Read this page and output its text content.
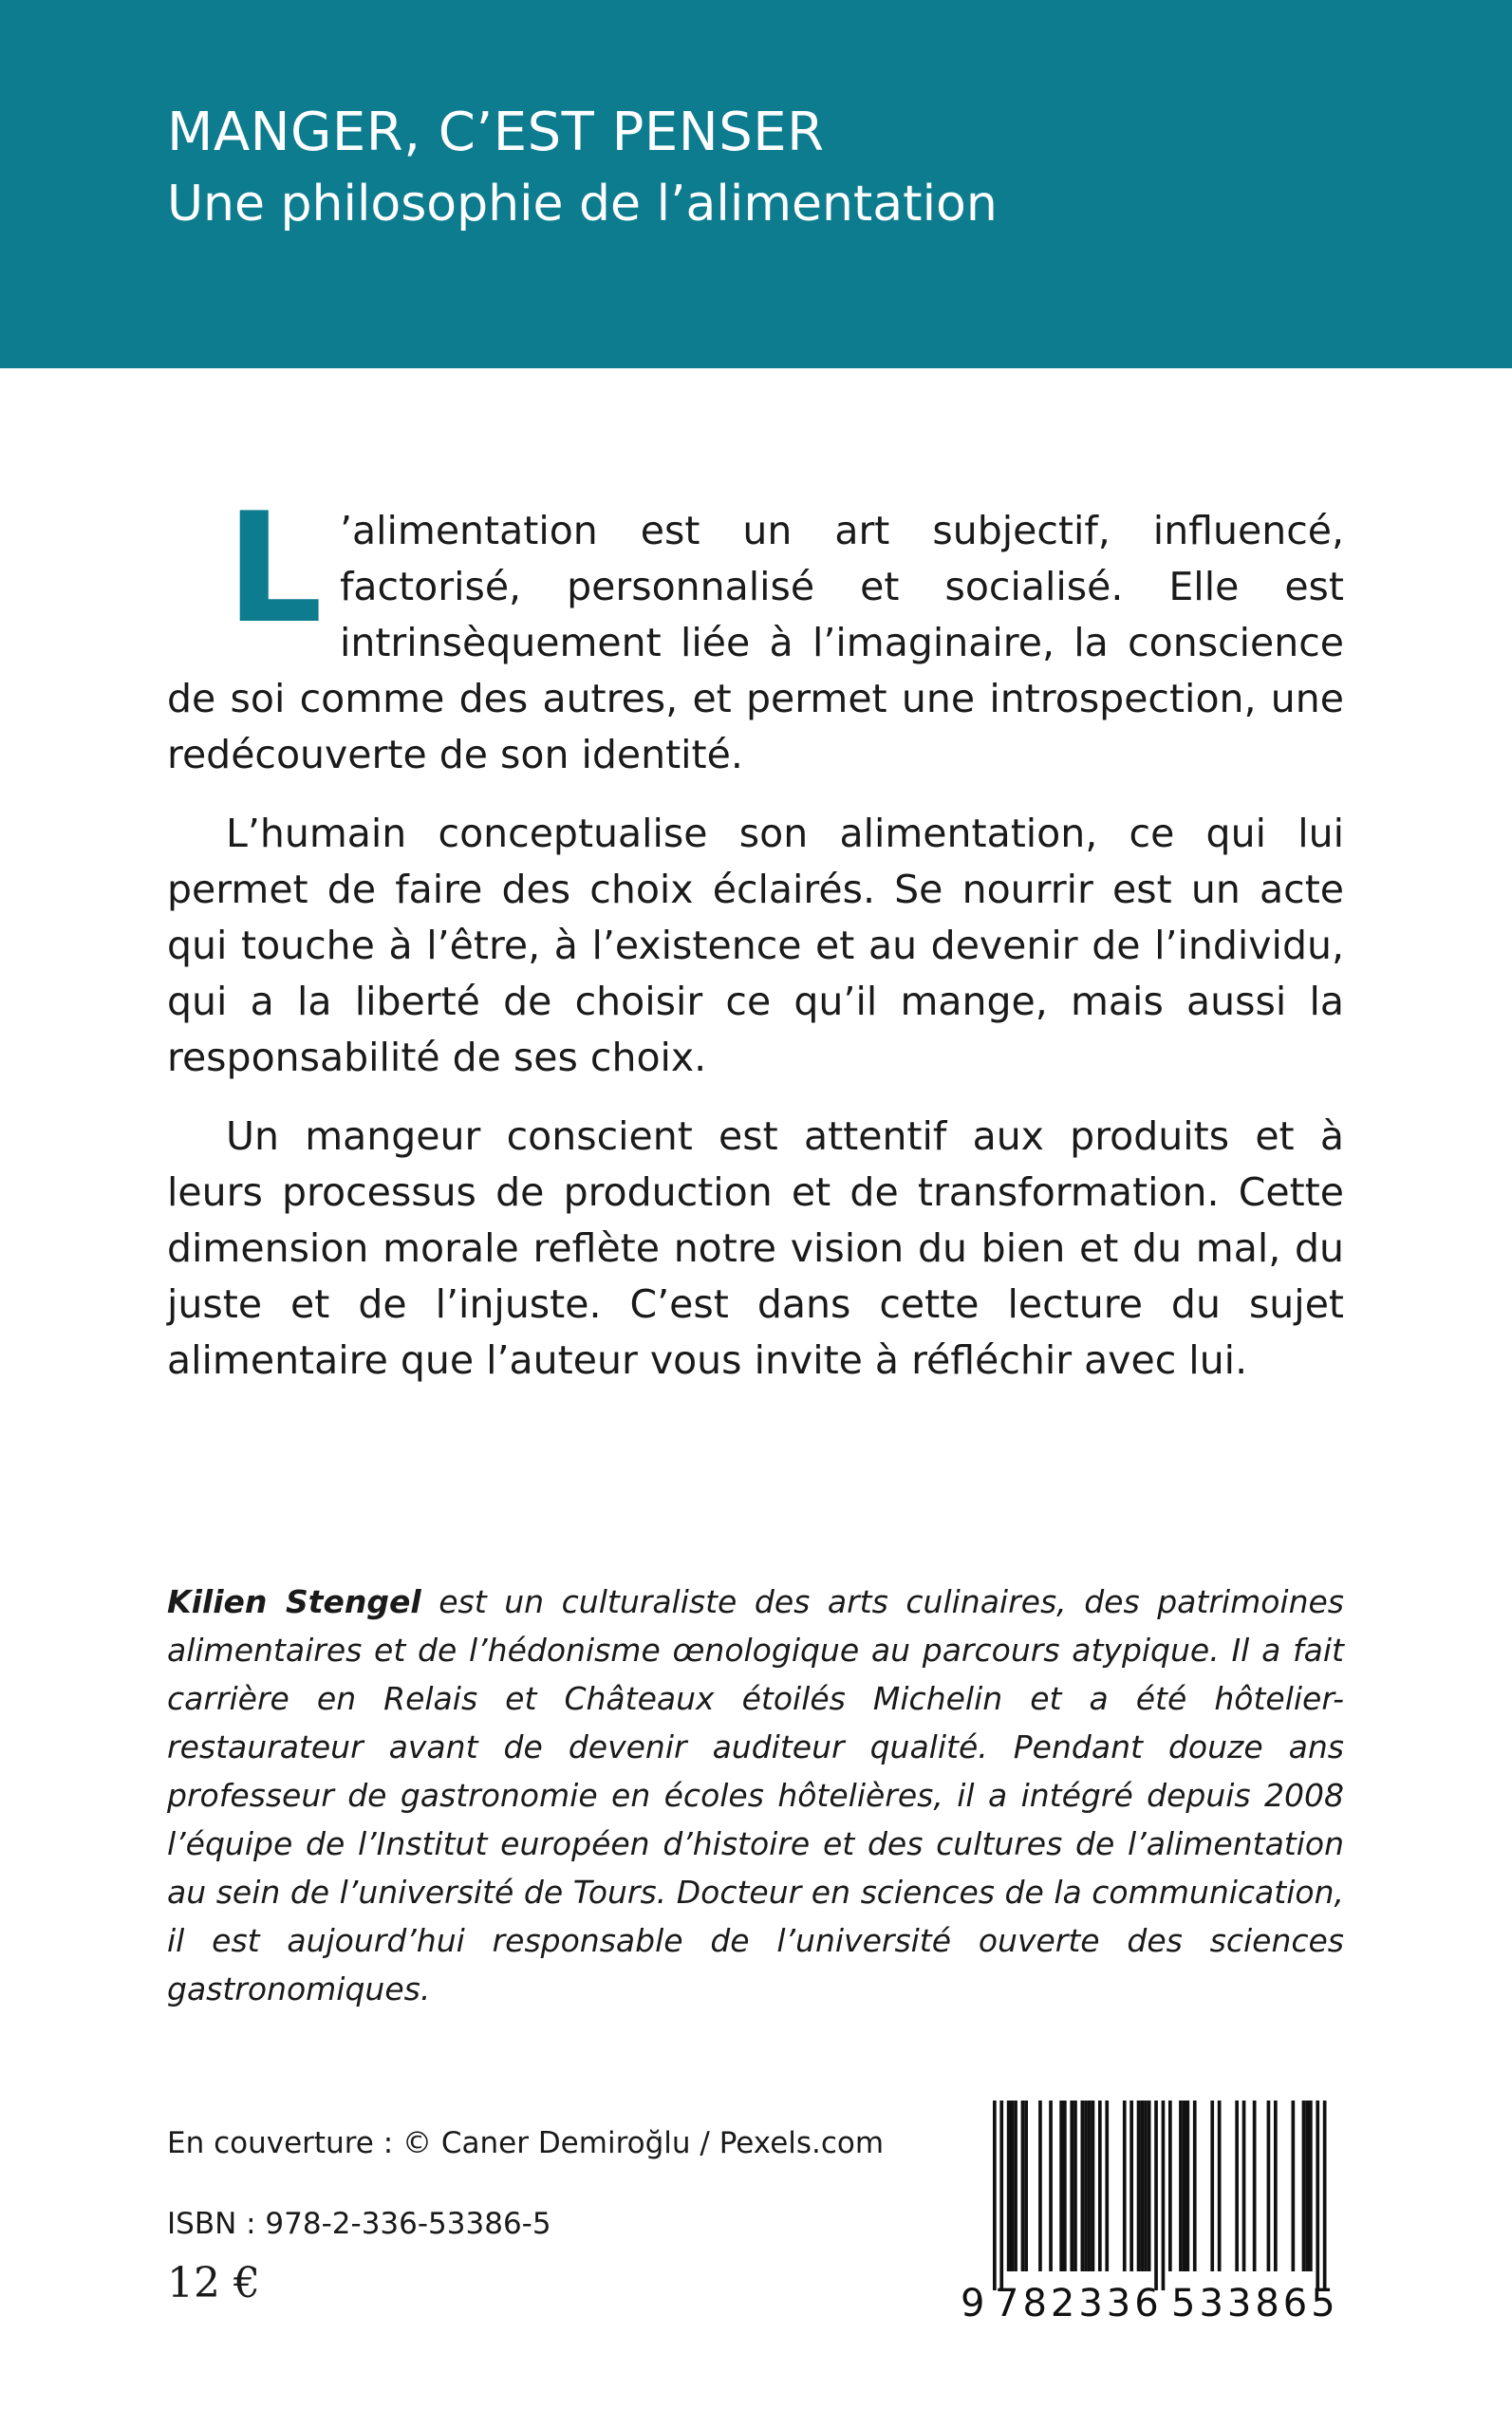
MANGER, C’EST PENSER
Une philosophie de l’alimentation

L ’alimentation est un art subjectif, influencé, factorisé, personnalisé et socialisé. Elle est intrinsèquement liée à l’imaginaire, la conscience de soi comme des autres, et permet une introspection, une redécouverte de son identité.

L’humain conceptualise son alimentation, ce qui lui permet de faire des choix éclairés. Se nourrir est un acte qui touche à l’être, à l’existence et au devenir de l’individu, qui a la liberté de choisir ce qu’il mange, mais aussi la responsabilité de ses choix.

Un mangeur conscient est attentif aux produits et à leurs processus de production et de transformation. Cette dimension morale reflète notre vision du bien et du mal, du juste et de l’injuste. C’est dans cette lecture du sujet alimentaire que l’auteur vous invite à réfléchir avec lui.

Kilien Stengel est un culturaliste des arts culinaires, des patrimoines alimentaires et de l’hédonisme œnologique au parcours atypique. Il a fait carrière en Relais et Châteaux étoilés Michelin et a été hôtelier-restaurateur avant de devenir auditeur qualité. Pendant douze ans professeur de gastronomie en écoles hôtelières, il a intégré depuis 2008 l’équipe de l’Institut européen d’histoire et des cultures de l’alimentation au sein de l’université de Tours. Docteur en sciences de la communication, il est aujourd’hui responsable de l’université ouverte des sciences gastronomiques.
En couverture : © Caner Demiroğlu / Pexels.com
ISBN : 978-2-336-53386-5
12 €	9 782336 533865
